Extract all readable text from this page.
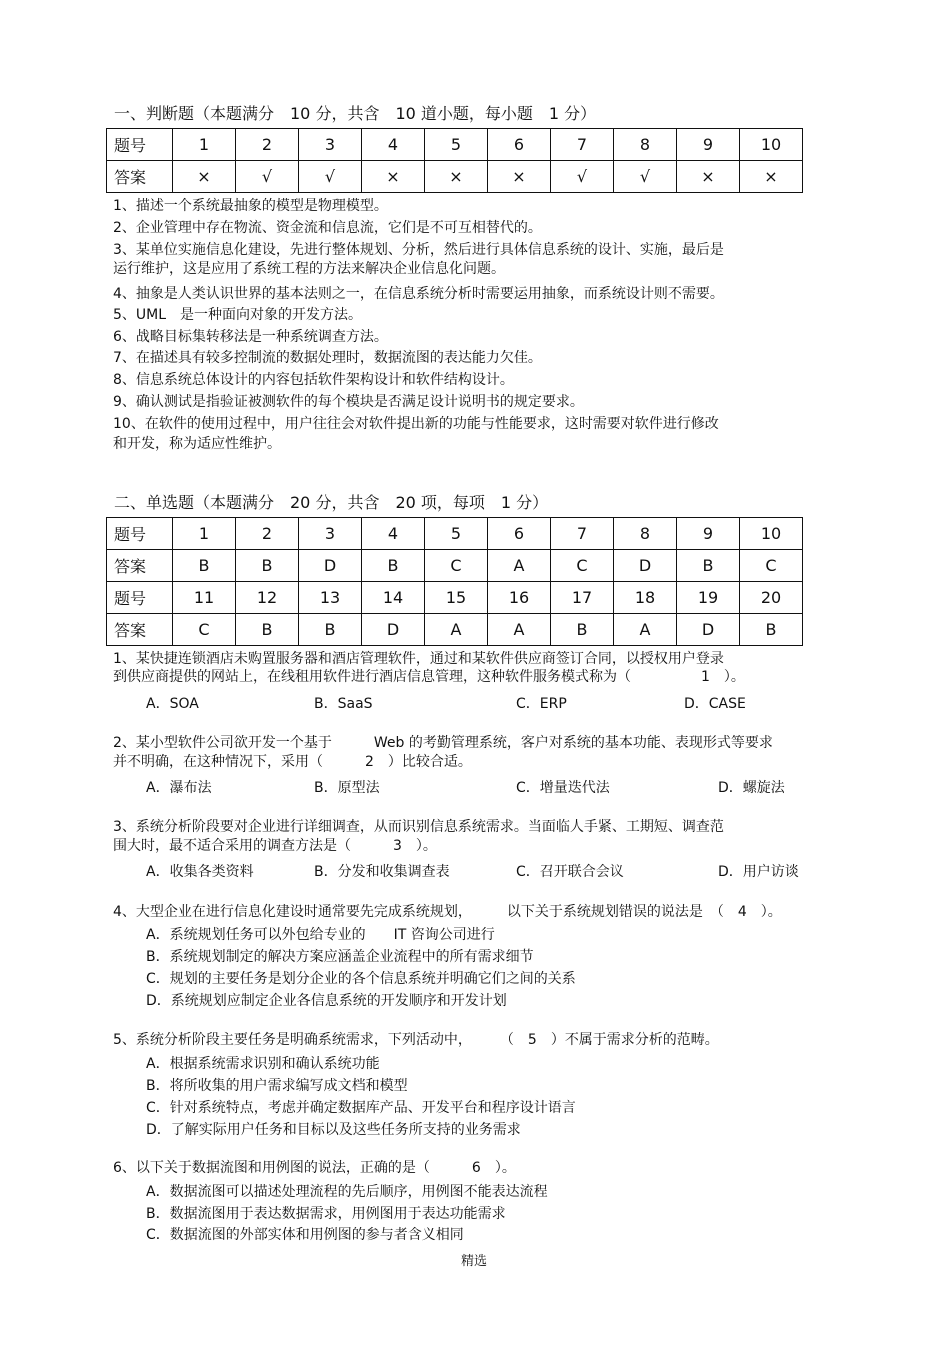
一、判断题（本题满分　10 分，共含　10 道小题，每小题　1 分）
题号	1	2	3	4	5	6	7	8	9	10
答案	×	√	√	×	×	×	√	√	×	×
1、描述一个系统最抽象的模型是物理模型。
2、企业管理中存在物流、资金流和信息流，它们是不可互相替代的。
3、某单位实施信息化建设，先进行整体规划、分析，然后进行具体信息系统的设计、实施，最后是
运行维护，这是应用了系统工程的方法来解决企业信息化问题。
4、抽象是人类认识世界的基本法则之一，在信息系统分析时需要运用抽象，而系统设计则不需要。
5、UML　是一种面向对象的开发方法。
6、战略目标集转移法是一种系统调查方法。
7、在描述具有较多控制流的数据处理时，数据流图的表达能力欠佳。
8、信息系统总体设计的内容包括软件架构设计和软件结构设计。
9、确认测试是指验证被测软件的每个模块是否满足设计说明书的规定要求。
10、在软件的使用过程中，用户往往会对软件提出新的功能与性能要求，这时需要对软件进行修改
和开发，称为适应性维护。
二、单选题（本题满分　20 分，共含　20 项，每项　1 分）
题号	1	2	3	4	5	6	7	8	9	10
答案	B	B	D	B	C	A	C	D	B	C
题号	11	12	13	14	15	16	17	18	19	20
答案	C	B	B	D	A	A	B	A	D	B
1、某快捷连锁酒店未购置服务器和酒店管理软件，通过和某软件供应商签订合同，以授权用户登录
到供应商提供的网站上，在线租用软件进行酒店信息管理，这种软件服务模式称为（　　　　　1　）。
A．SOA	B．SaaS	C．ERP	D．CASE
2、某小型软件公司欲开发一个基于　　　Web 的考勤管理系统，客户对系统的基本功能、表现形式等要求
并不明确，在这种情况下，采用（　　　2　）比较合适。
A．瀑布法	B．原型法	C．增量迭代法	D．螺旋法
3、系统分析阶段要对企业进行详细调查，从而识别信息系统需求。当面临人手紧、工期短、调查范
围大时，最不适合采用的调查方法是（　　　3　）。
A．收集各类资料	B．分发和收集调查表	C．召开联合会议	D．用户访谈
4、大型企业在进行信息化建设时通常要先完成系统规划，　　　以下关于系统规划错误的说法是　（　4　）。
A．系统规划任务可以外包给专业的　　IT 咨询公司进行
B．系统规划制定的解决方案应涵盖企业流程中的所有需求细节
C．规划的主要任务是划分企业的各个信息系统并明确它们之间的关系
D．系统规划应制定企业各信息系统的开发顺序和开发计划
5、系统分析阶段主要任务是明确系统需求，下列活动中，　　　（　5　）不属于需求分析的范畴。
A．根据系统需求识别和确认系统功能
B．将所收集的用户需求编写成文档和模型
C．针对系统特点，考虑并确定数据库产品、开发平台和程序设计语言
D．了解实际用户任务和目标以及这些任务所支持的业务需求
6、以下关于数据流图和用例图的说法，正确的是（　　　6　）。
A．数据流图可以描述处理流程的先后顺序，用例图不能表达流程
B．数据流图用于表达数据需求，用例图用于表达功能需求
C．数据流图的外部实体和用例图的参与者含义相同
精选
